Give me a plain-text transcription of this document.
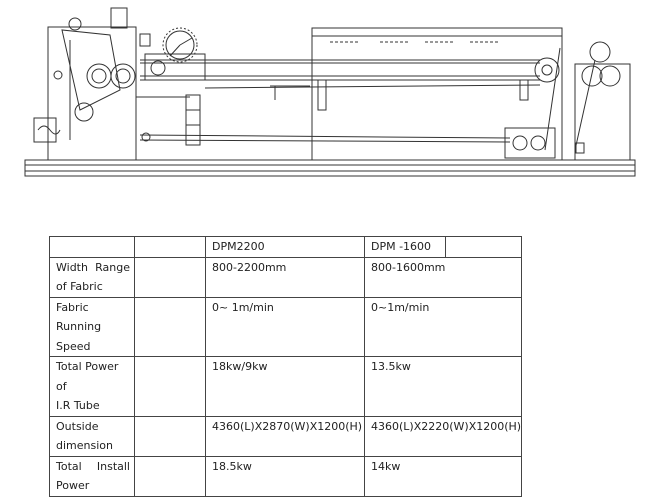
		DPM2200	DPM -1600	

Width Range
of Fabric		800-2200mm	800-1600mm	

Fabric
Running
Speed		0~ 1m/min	0~1m/min	

Total Power of
I.R Tube		18kw/9kw	13.5kw	

Outside
dimension		4360(L)X2870(W)X1200(H)	4360(L)X2220(W)X1200(H)	

Total Install
Power		18.5kw	14kw	
